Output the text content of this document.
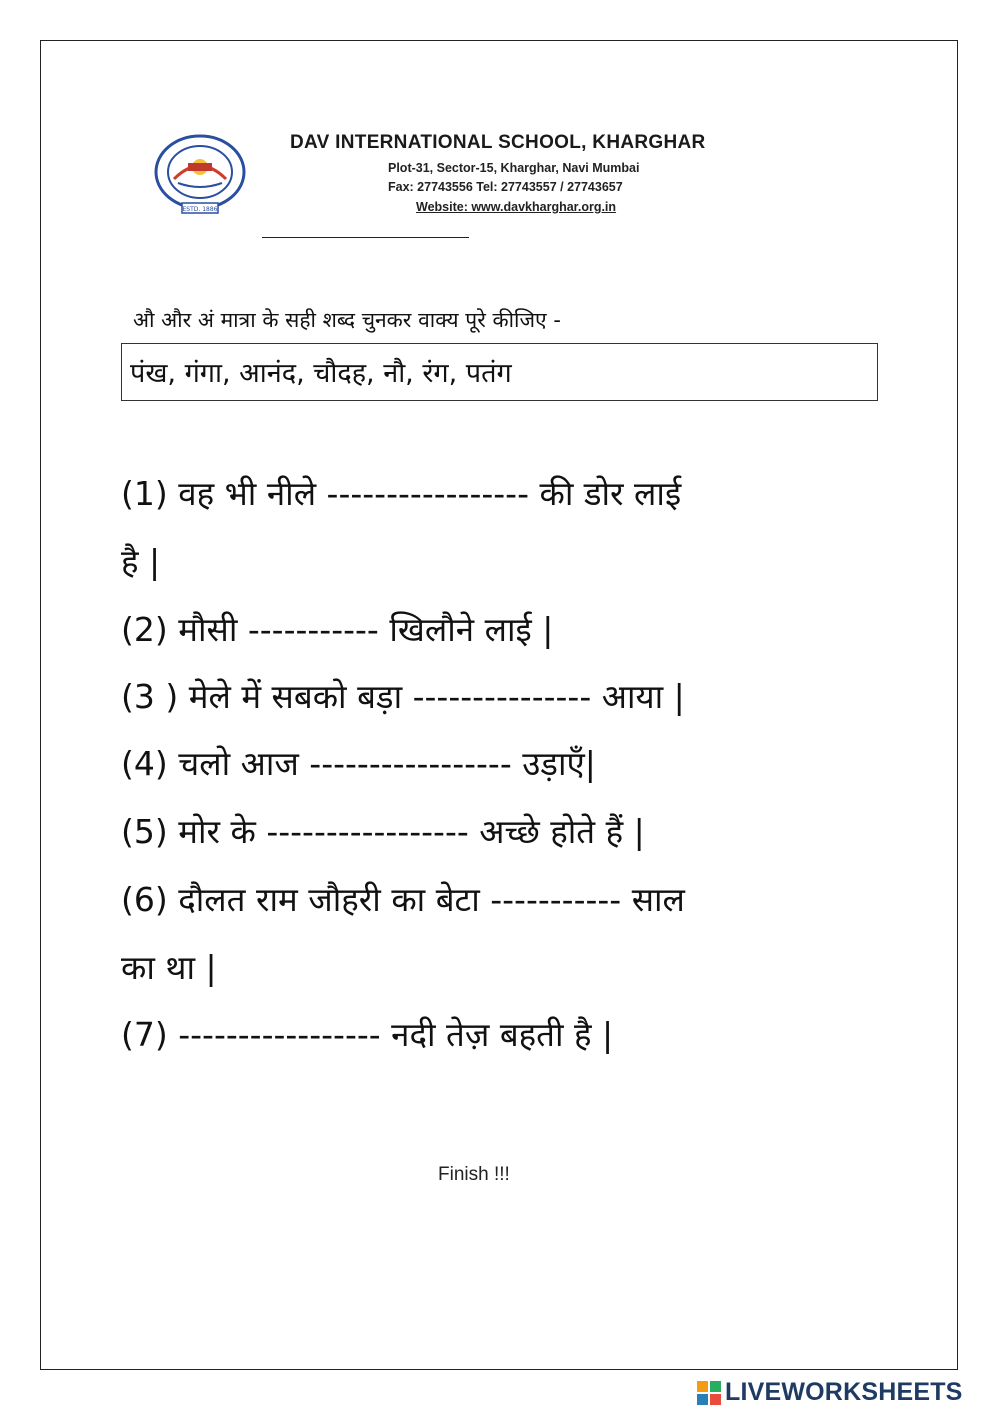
ESTD. 1886
DAV INTERNATIONAL SCHOOL, KHARGHAR
Plot-31, Sector-15, Kharghar, Navi Mumbai
Fax: 27743556 Tel: 27743557 / 27743657
Website: www.davkharghar.org.in
औ और अं मात्रा के सही शब्द चुनकर वाक्य पूरे कीजिए -
पंख, गंगा, आनंद, चौदह, नौ, रंग, पतंग
(1) वह भी नीले ----------------- की डोर लाई
है |
(2) मौसी ----------- खिलौने लाई |
(3 ) मेले में सबको बड़ा --------------- आया |
(4) चलो आज ----------------- उड़ाएँ|
(5) मोर के ----------------- अच्छे होते हैं |
(6) दौलत राम जौहरी का बेटा ----------- साल
का था |
(7) ----------------- नदी तेज़ बहती है |
Finish !!!
LIVEWORKSHEETS
